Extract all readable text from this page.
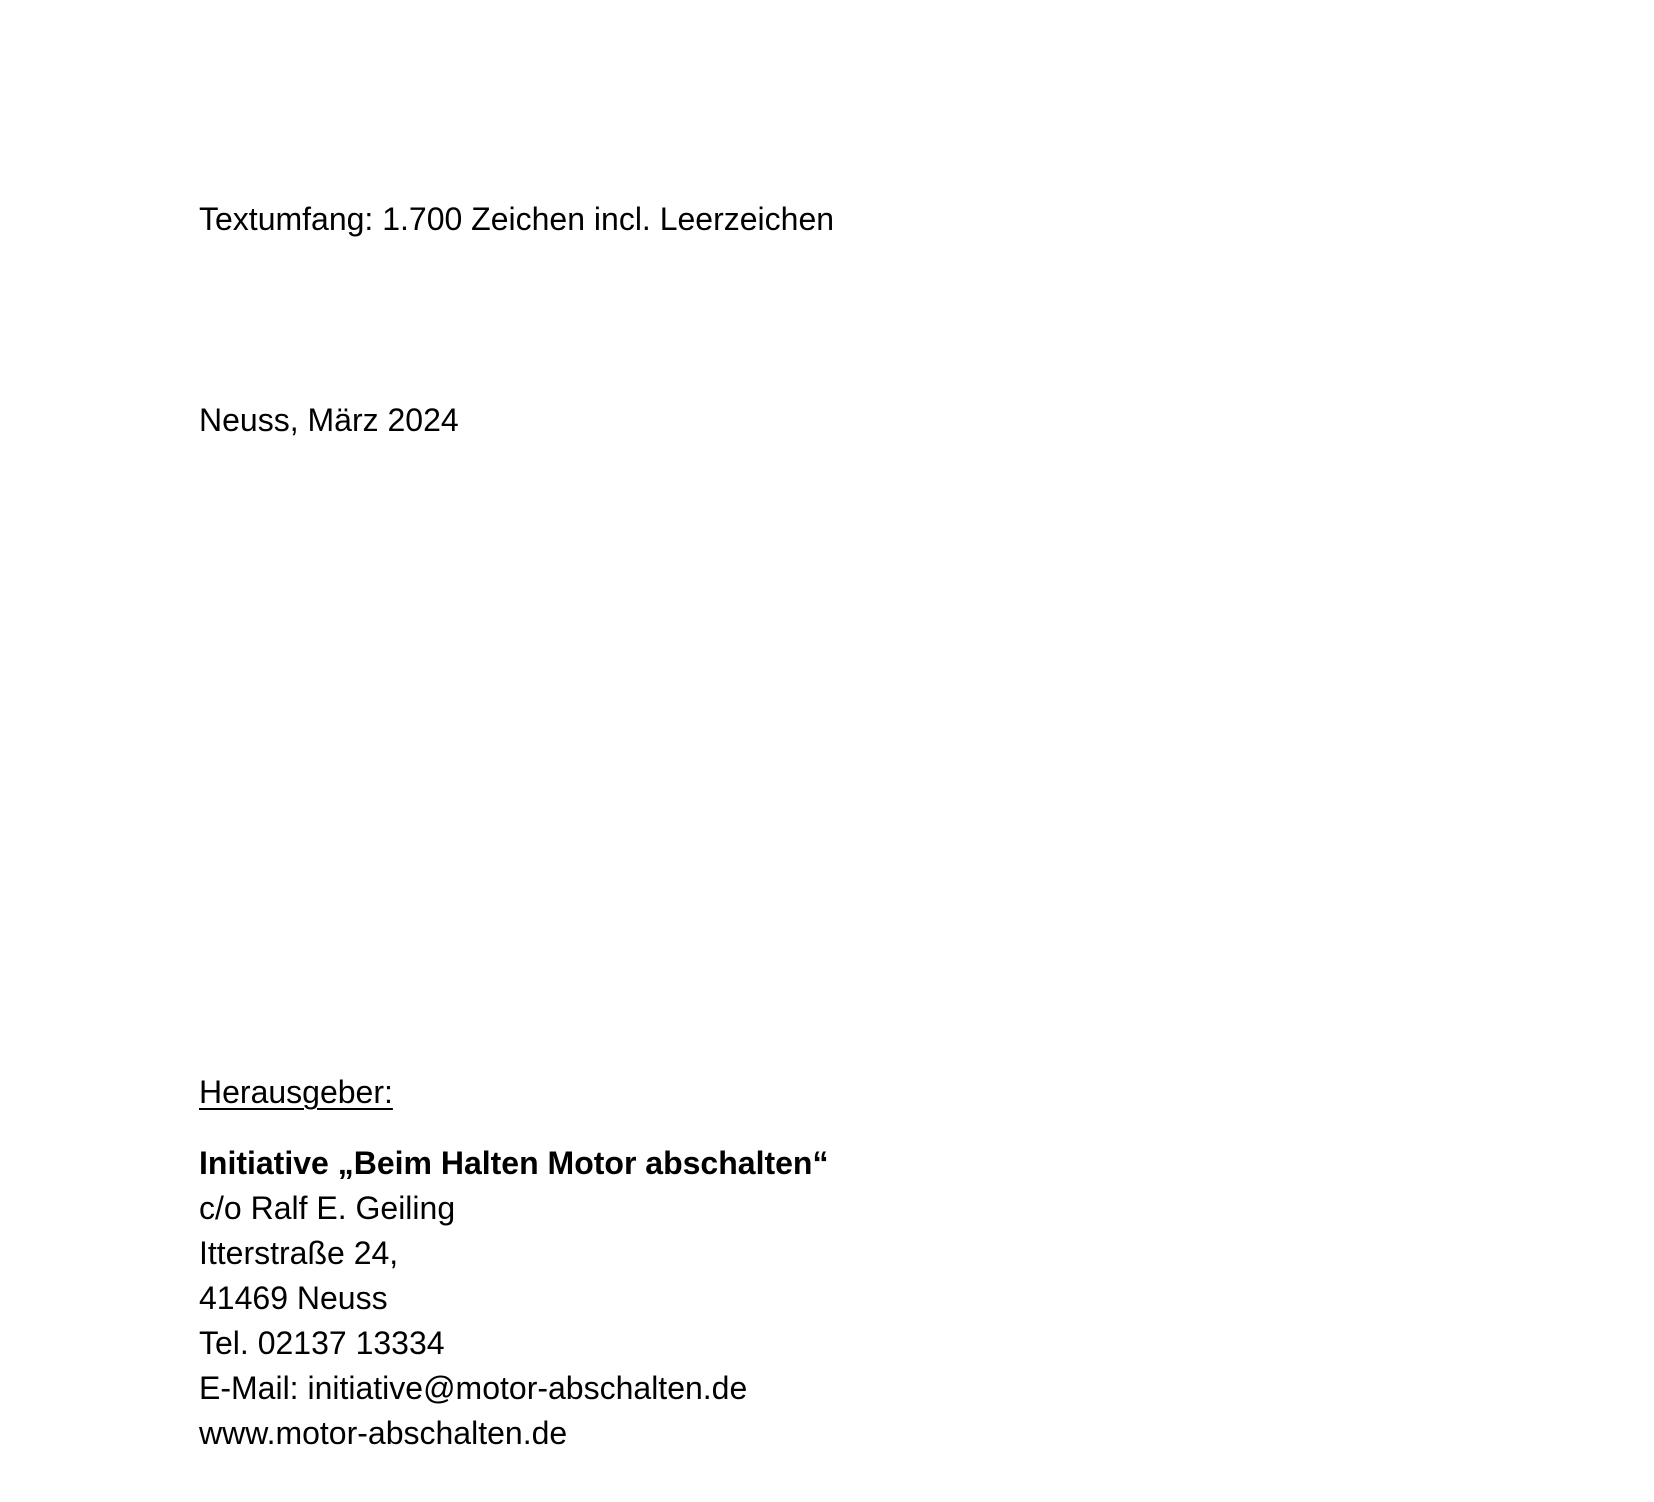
Textumfang: 1.700 Zeichen incl. Leerzeichen
Neuss, März 2024
Herausgeber:
Initiative „Beim Halten Motor abschalten“
c/o Ralf E. Geiling
Itterstraße 24,
41469 Neuss
Tel. 02137 13334
E-Mail: initiative@motor-abschalten.de
www.motor-abschalten.de
